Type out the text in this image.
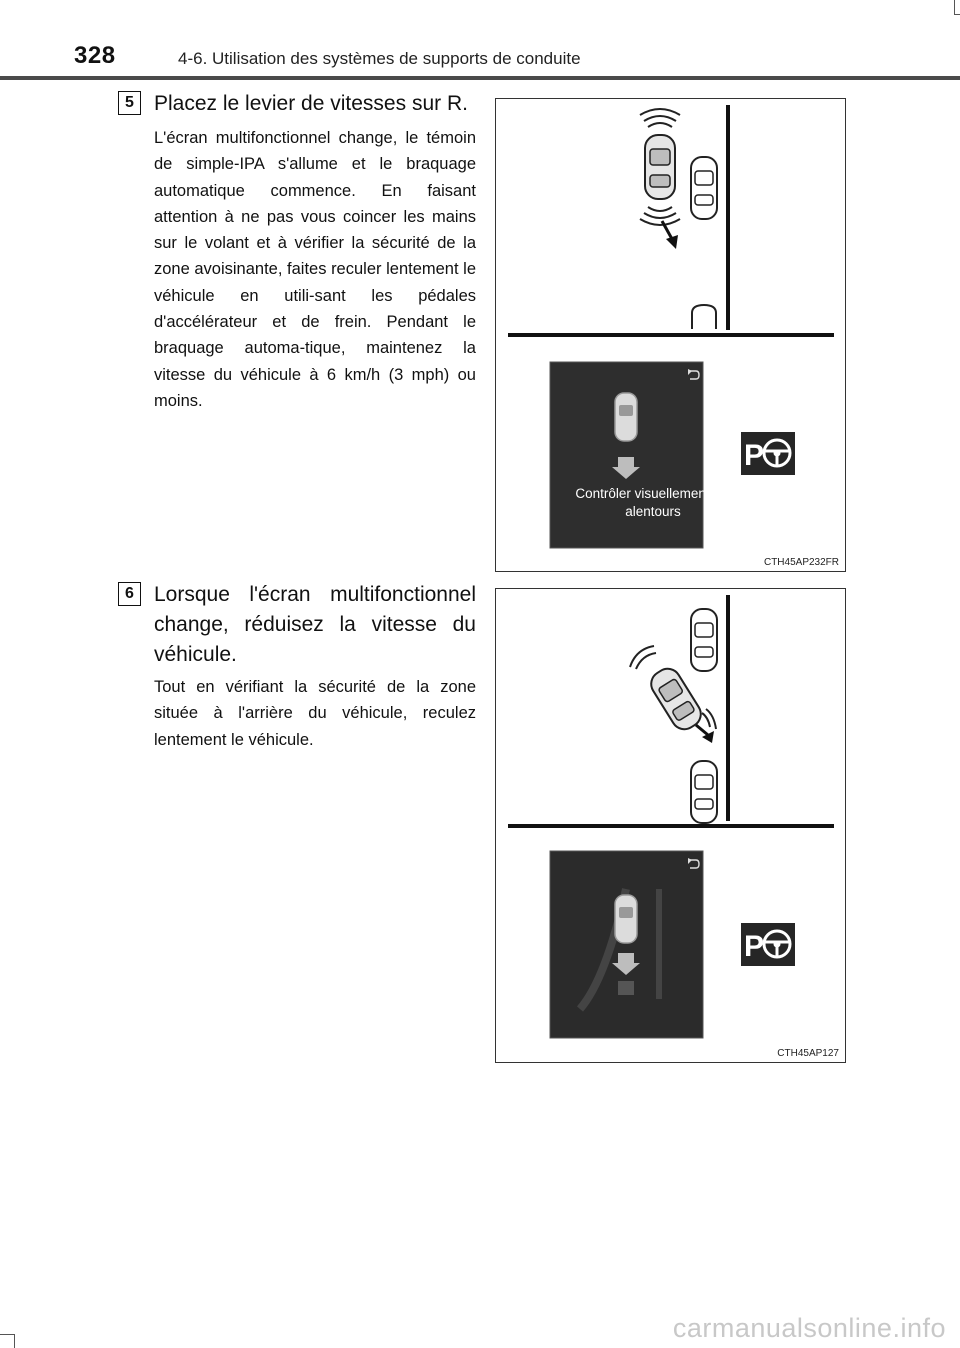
328	4-6. Utilisation des systèmes de supports de conduite
5 Placez le levier de vitesses sur R.
L'écran multifonctionnel change, le témoin de simple-IPA s'allume et le braquage automatique commence. En faisant attention à ne pas vous coincer les mains sur le volant et à vérifier la sécurité de la zone avoisinante, faites reculer lentement le véhicule en utili-sant les pédales d'accélérateur et de frein. Pendant le braquage automa-tique, maintenez la vitesse du véhicule à 6 km/h (3 mph) ou moins.
P
Contrôler visuellement les alentours
CTH45AP232FR
6 Lorsque l'écran multifonctionnel change, réduisez la vitesse du véhicule.
Tout en vérifiant la sécurité de la zone située à l'arrière du véhicule, reculez lentement le véhicule.
P
CTH45AP127
carmanualsonline.info
